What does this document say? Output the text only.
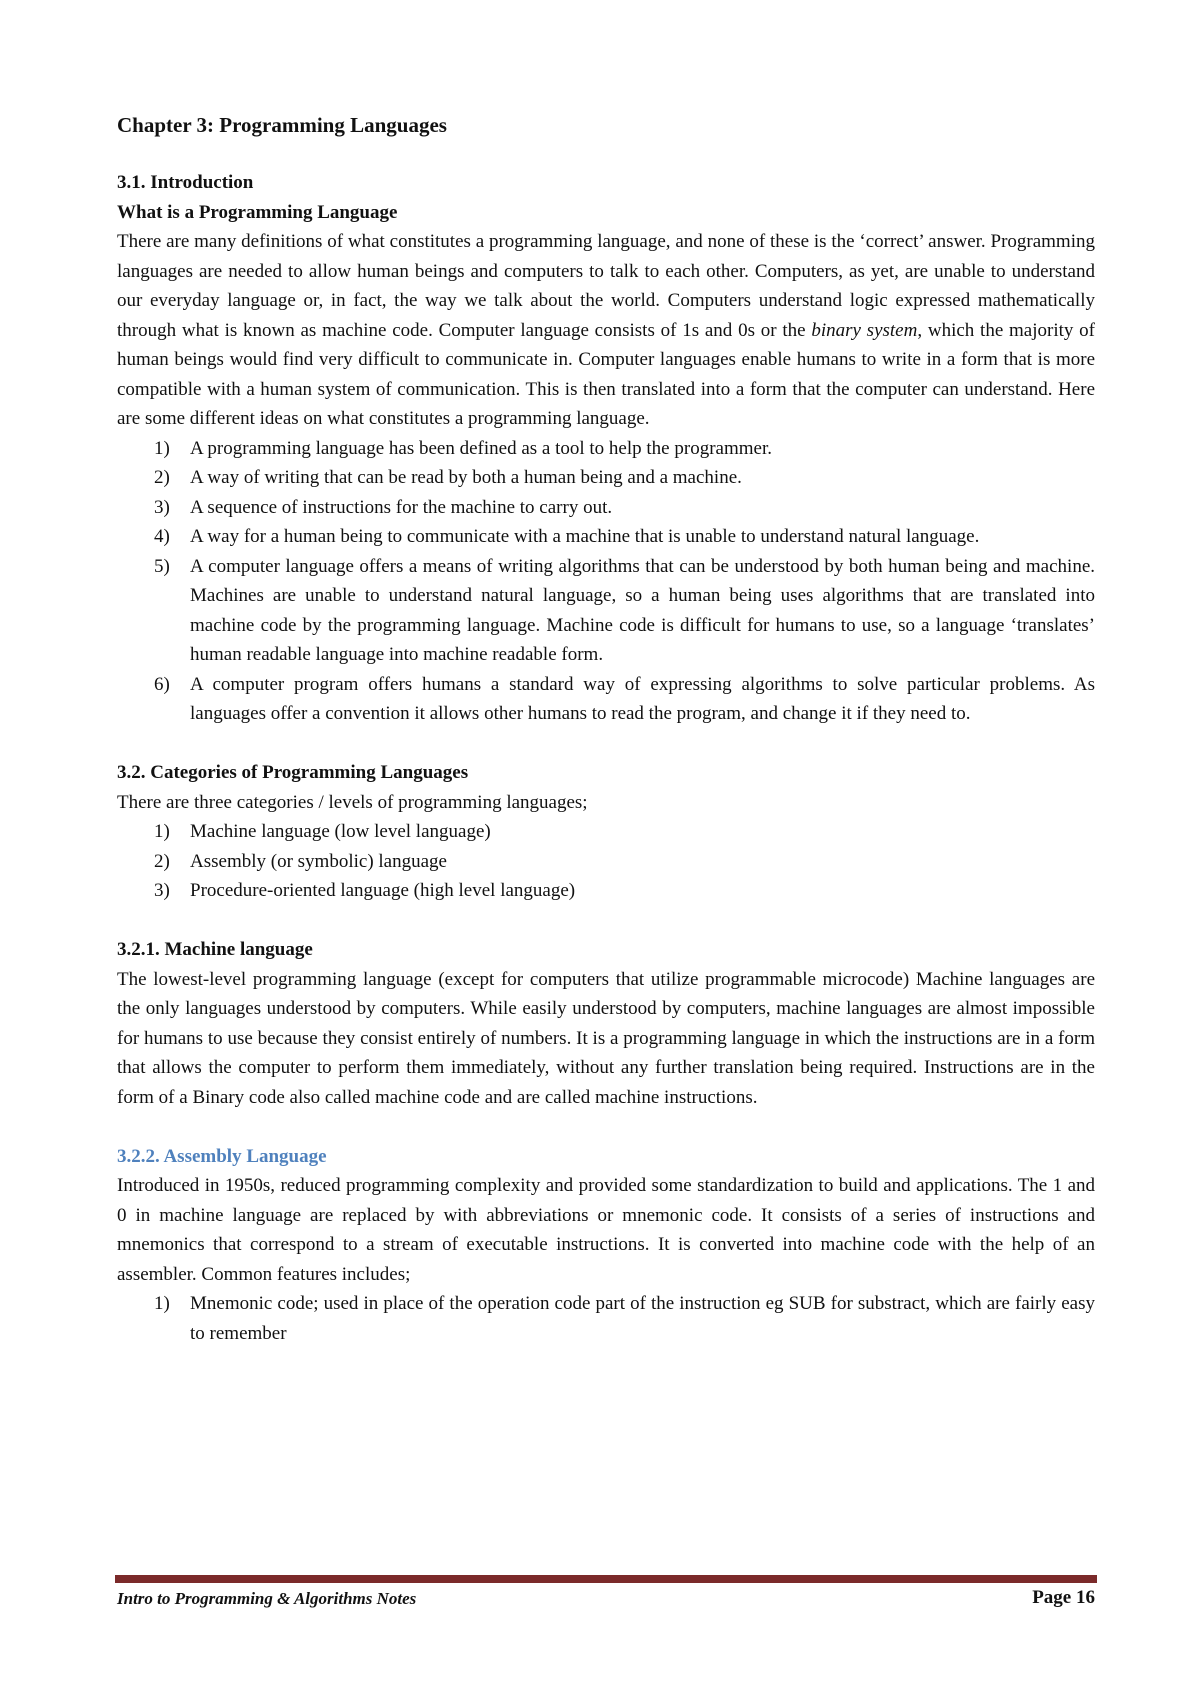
Chapter 3: Programming Languages

3.1. Introduction

What is a Programming Language

There are many definitions of what constitutes a programming language, and none of these is the ‘correct’ answer. Programming languages are needed to allow human beings and computers to talk to each other. Computers, as yet, are unable to understand our everyday language or, in fact, the way we talk about the world. Computers understand logic expressed mathematically through what is known as machine code. Computer language consists of 1s and 0s or the binary system, which the majority of human beings would find very difficult to communicate in. Computer languages enable humans to write in a form that is more compatible with a human system of communication. This is then translated into a form that the computer can understand. Here are some different ideas on what constitutes a programming language.

1) A programming language has been defined as a tool to help the programmer.
2) A way of writing that can be read by both a human being and a machine.
3) A sequence of instructions for the machine to carry out.
4) A way for a human being to communicate with a machine that is unable to understand natural language.
5) A computer language offers a means of writing algorithms that can be understood by both human being and machine. Machines are unable to understand natural language, so a human being uses algorithms that are translated into machine code by the programming language. Machine code is difficult for humans to use, so a language ‘translates’ human readable language into machine readable form.
6) A computer program offers humans a standard way of expressing algorithms to solve particular problems. As languages offer a convention it allows other humans to read the program, and change it if they need to.

3.2. Categories of Programming Languages

There are three categories / levels of programming languages;

1) Machine language (low level language)
2) Assembly (or symbolic) language
3) Procedure-oriented language (high level language)

3.2.1. Machine language

The lowest-level programming language (except for computers that utilize programmable microcode) Machine languages are the only languages understood by computers. While easily understood by computers, machine languages are almost impossible for humans to use because they consist entirely of numbers. It is a programming language in which the instructions are in a form that allows the computer to perform them immediately, without any further translation being required. Instructions are in the form of a Binary code also called machine code and are called machine instructions.

3.2.2. Assembly Language

Introduced in 1950s, reduced programming complexity and provided some standardization to build and applications. The 1 and 0 in machine language are replaced by with abbreviations or mnemonic code. It consists of a series of instructions and mnemonics that correspond to a stream of executable instructions. It is converted into machine code with the help of an assembler. Common features includes;

1) Mnemonic code; used in place of the operation code part of the instruction eg SUB for substract, which are fairly easy to remember
Intro to Programming & Algorithms Notes	Page 16
